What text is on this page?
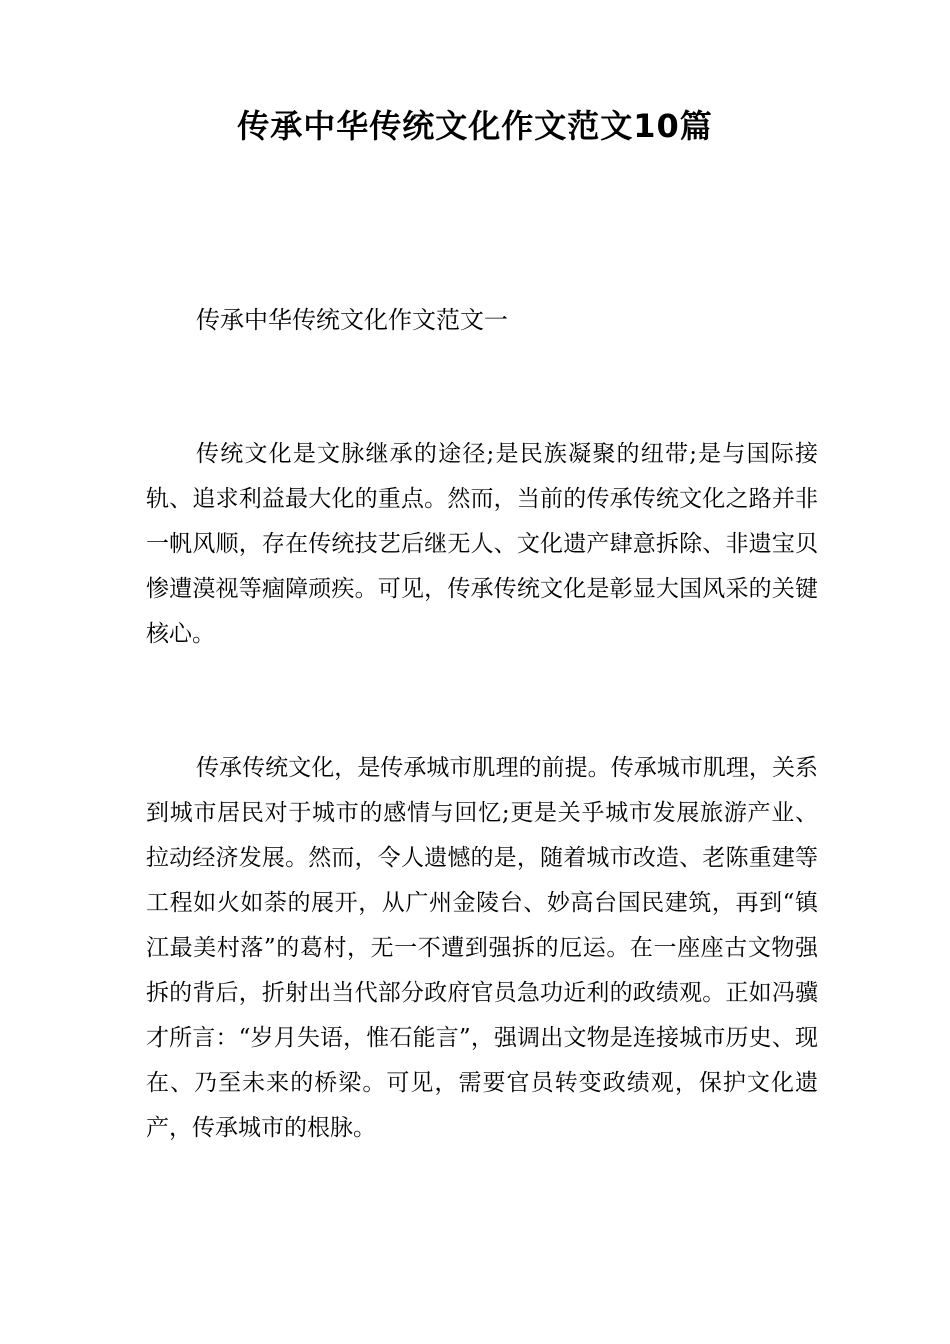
传承中华传统文化作文范文10篇

传承中华传统文化作文范文一

传统文化是文脉继承的途径;是民族凝聚的纽带;是与国际接轨、追求利益最大化的重点。然而，当前的传承传统文化之路并非一帆风顺，存在传统技艺后继无人、文化遗产肆意拆除、非遗宝贝惨遭漠视等痼障顽疾。可见，传承传统文化是彰显大国风采的关键核心。

传承传统文化，是传承城市肌理的前提。传承城市肌理，关系到城市居民对于城市的感情与回忆;更是关乎城市发展旅游产业、拉动经济发展。然而，令人遗憾的是，随着城市改造、老陈重建等工程如火如荼的展开，从广州金陵台、妙高台国民建筑，再到“镇江最美村落”的葛村，无一不遭到强拆的厄运。在一座座古文物强拆的背后，折射出当代部分政府官员急功近利的政绩观。正如冯骥才所言：“岁月失语，惟石能言”，强调出文物是连接城市历史、现在、乃至未来的桥梁。可见，需要官员转变政绩观，保护文化遗产，传承城市的根脉。
